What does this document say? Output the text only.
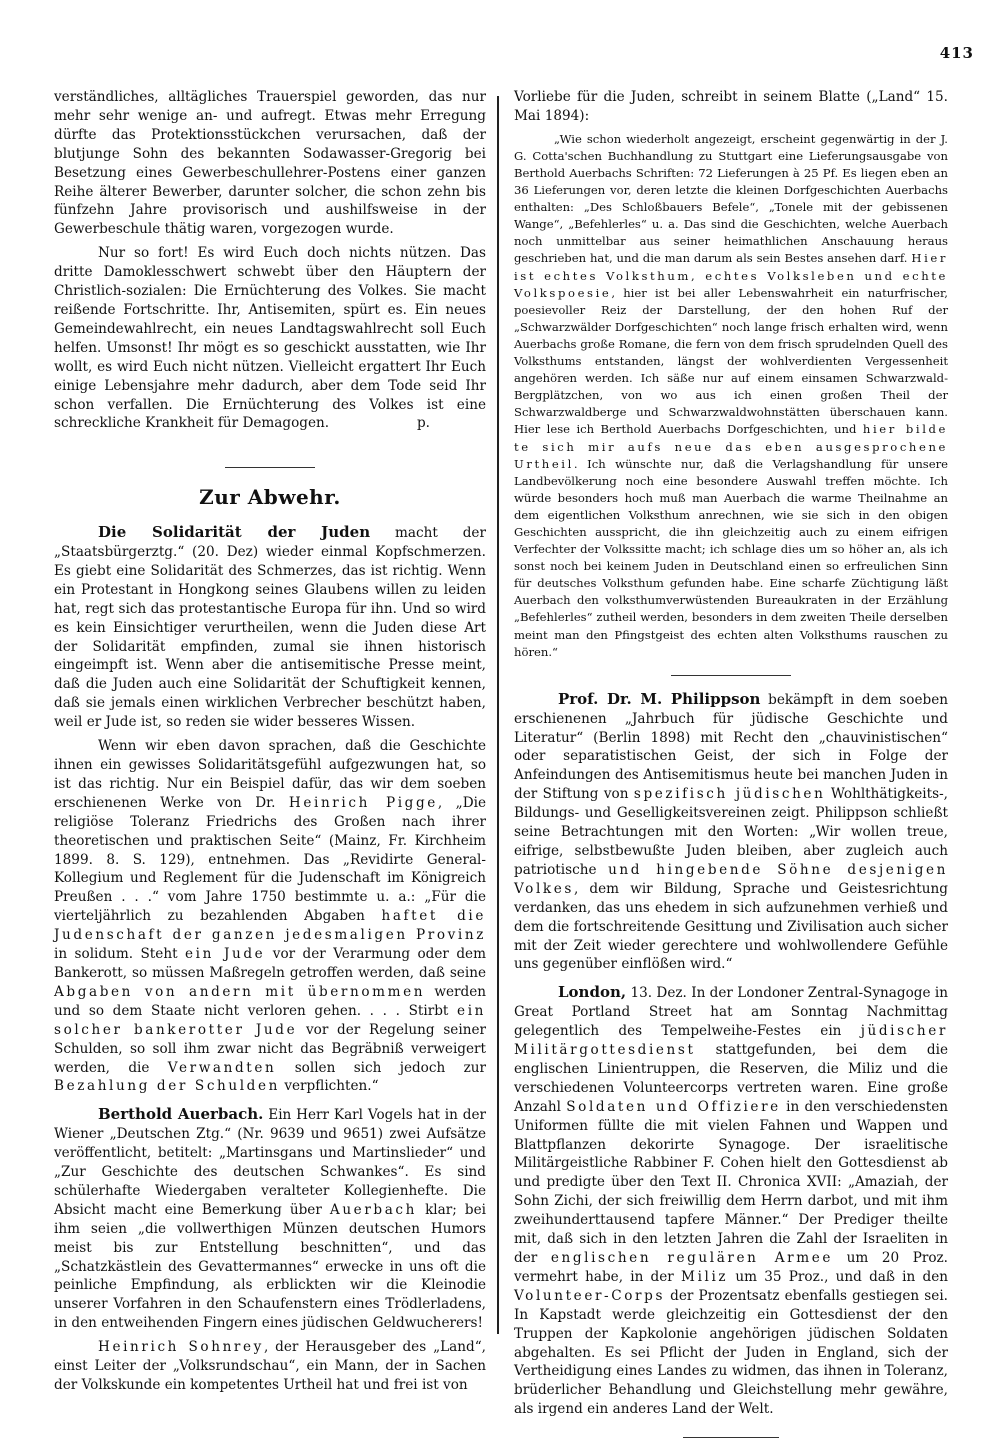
413

verständliches, alltägliches Trauerspiel geworden, das nur mehr sehr wenige an- und aufregt. Etwas mehr Erregung dürfte das Protektionsstückchen verursachen, daß der blutjunge Sohn des bekannten Sodawasser-Gregorig bei Besetzung eines Gewerbeschullehrer-Postens einer ganzen Reihe älterer Bewerber, darunter solcher, die schon zehn bis fünfzehn Jahre provisorisch und aushilfsweise in der Gewerbeschule thätig waren, vorgezogen wurde.

Nur so fort! Es wird Euch doch nichts nützen. Das dritte Damoklesschwert schwebt über den Häuptern der Christlich-sozialen: Die Ernüchterung des Volkes. Sie macht reißende Fortschritte. Ihr, Antisemiten, spürt es. Ein neues Gemeindewahlrecht, ein neues Landtagswahlrecht soll Euch helfen. Umsonst! Ihr mögt es so geschickt ausstatten, wie Ihr wollt, es wird Euch nicht nützen. Vielleicht ergattert Ihr Euch einige Lebensjahre mehr dadurch, aber dem Tode seid Ihr schon verfallen. Die Ernüchterung des Volkes ist eine schreckliche Krankheit für Demagogen.	p.
Zur Abwehr.

Die Solidarität der Juden macht der „Staatsbürgerztg.“ (20. Dez) wieder einmal Kopfschmerzen. Es giebt eine Solidarität des Schmerzes, das ist richtig. Wenn ein Protestant in Hongkong seines Glaubens willen zu leiden hat, regt sich das protestantische Europa für ihn. Und so wird es kein Einsichtiger verurtheilen, wenn die Juden diese Art der Solidarität empfinden, zumal sie ihnen historisch eingeimpft ist. Wenn aber die antisemitische Presse meint, daß die Juden auch eine Solidarität der Schuftigkeit kennen, daß sie jemals einen wirklichen Verbrecher beschützt haben, weil er Jude ist, so reden sie wider besseres Wissen.

Wenn wir eben davon sprachen, daß die Geschichte ihnen ein gewisses Solidaritätsgefühl aufgezwungen hat, so ist das richtig. Nur ein Beispiel dafür, das wir dem soeben erschienenen Werke von Dr. Heinrich Pigge, „Die religiöse Toleranz Friedrichs des Großen nach ihrer theoretischen und praktischen Seite“ (Mainz, Fr. Kirchheim 1899. 8. S. 129), entnehmen. Das „Revidirte General-Kollegium und Reglement für die Judenschaft im Königreich Preußen . . .“ vom Jahre 1750 bestimmte u. a.: „Für die vierteljährlich zu bezahlenden Abgaben haftet die Judenschaft der ganzen jedesmaligen Provinz in solidum. Steht ein Jude vor der Verarmung oder dem Bankerott, so müssen Maßregeln getroffen werden, daß seine Abgaben von andern mit übernommen werden und so dem Staate nicht verloren gehen. . . . Stirbt ein solcher bankerotter Jude vor der Regelung seiner Schulden, so soll ihm zwar nicht das Begräbniß verweigert werden, die Verwandten sollen sich jedoch zur Bezahlung der Schulden verpflichten.“

Berthold Auerbach. Ein Herr Karl Vogels hat in der Wiener „Deutschen Ztg.“ (Nr. 9639 und 9651) zwei Aufsätze veröffentlicht, betitelt: „Martinsgans und Martinslieder“ und „Zur Geschichte des deutschen Schwankes“. Es sind schülerhafte Wiedergaben veralteter Kollegienhefte. Die Absicht macht eine Bemerkung über Auerbach klar; bei ihm seien „die vollwerthigen Münzen deutschen Humors meist bis zur Entstellung beschnitten“, und das „Schatzkästlein des Gevattermannes“ erwecke in uns oft die peinliche Empfindung, als erblickten wir die Kleinodie unserer Vorfahren in den Schaufenstern eines Trödlerladens, in den entweihenden Fingern eines jüdischen Geldwucherers!

Heinrich Sohnrey, der Herausgeber des „Land“, einst Leiter der „Volksrundschau“, ein Mann, der in Sachen der Volkskunde ein kompetentes Urtheil hat und frei ist von

Vorliebe für die Juden, schreibt in seinem Blatte („Land“ 15. Mai 1894):

„Wie schon wiederholt angezeigt, erscheint gegenwärtig in der J. G. Cotta'schen Buchhandlung zu Stuttgart eine Lieferungsausgabe von Berthold Auerbachs Schriften: 72 Lieferungen à 25 Pf. Es liegen eben an 36 Lieferungen vor, deren letzte die kleinen Dorfgeschichten Auerbachs enthalten: „Des Schloßbauers Befele“, „Tonele mit der gebissenen Wange“, „Befehlerles“ u. a. Das sind die Geschichten, welche Auerbach noch unmittelbar aus seiner heimathlichen Anschauung heraus geschrieben hat, und die man darum als sein Bestes ansehen darf. Hier ist echtes Volksthum, echtes Volksleben und echte Volkspoesie, hier ist bei aller Lebenswahrheit ein naturfrischer, poesievoller Reiz der Darstellung, der den hohen Ruf der „Schwarzwälder Dorfgeschichten“ noch lange frisch erhalten wird, wenn Auerbachs große Romane, die fern von dem frisch sprudelnden Quell des Volksthums entstanden, längst der wohlverdienten Vergessenheit angehören werden. Ich säße nur auf einem einsamen Schwarzwald-Bergplätzchen, von wo aus ich einen großen Theil der Schwarzwaldberge und Schwarzwaldwohnstätten überschauen kann. Hier lese ich Berthold Auerbachs Dorfgeschichten, und hier bilde te sich mir aufs neue das eben ausgesprochene Urtheil. Ich wünschte nur, daß die Verlagshandlung für unsere Landbevölkerung noch eine besondere Auswahl treffen möchte. Ich würde besonders hoch muß man Auerbach die warme Theilnahme an dem eigentlichen Volksthum anrechnen, wie sie sich in den obigen Geschichten ausspricht, die ihn gleichzeitig auch zu einem eifrigen Verfechter der Volkssitte macht; ich schlage dies um so höher an, als ich sonst noch bei keinem Juden in Deutschland einen so erfreulichen Sinn für deutsches Volksthum gefunden habe. Eine scharfe Züchtigung läßt Auerbach den volksthumverwüstenden Bureaukraten in der Erzählung „Befehlerles“ zutheil werden, besonders in dem zweiten Theile derselben meint man den Pfingstgeist des echten alten Volksthums rauschen zu hören.“

Prof. Dr. M. Philippson bekämpft in dem soeben erschienenen „Jahrbuch für jüdische Geschichte und Literatur“ (Berlin 1898) mit Recht den „chauvinistischen“ oder separatistischen Geist, der sich in Folge der Anfeindungen des Antisemitismus heute bei manchen Juden in der Stiftung von spezifisch jüdischen Wohlthätigkeits-, Bildungs- und Geselligkeitsvereinen zeigt. Philippson schließt seine Betrachtungen mit den Worten: „Wir wollen treue, eifrige, selbstbewußte Juden bleiben, aber zugleich auch patriotische und hingebende Söhne desjenigen Volkes, dem wir Bildung, Sprache und Geistesrichtung verdanken, das uns ehedem in sich aufzunehmen verhieß und dem die fortschreitende Gesittung und Zivilisation auch sicher mit der Zeit wieder gerechtere und wohlwollendere Gefühle uns gegenüber einflößen wird.“

London, 13. Dez. In der Londoner Zentral-Synagoge in Great Portland Street hat am Sonntag Nachmittag gelegentlich des Tempelweihe-Festes ein jüdischer Militärgottesdienst stattgefunden, bei dem die englischen Linientruppen, die Reserven, die Miliz und die verschiedenen Volunteercorps vertreten waren. Eine große Anzahl Soldaten und Offiziere in den verschiedensten Uniformen füllte die mit vielen Fahnen und Wappen und Blattpflanzen dekorirte Synagoge. Der israelitische Militärgeistliche Rabbiner F. Cohen hielt den Gottesdienst ab und predigte über den Text II. Chronica XVII: „Amaziah, der Sohn Zichi, der sich freiwillig dem Herrn darbot, und mit ihm zweihunderttausend tapfere Männer.“ Der Prediger theilte mit, daß sich in den letzten Jahren die Zahl der Israeliten in der englischen regulären Armee um 20 Proz. vermehrt habe, in der Miliz um 35 Proz., und daß in den Volunteer-Corps der Prozentsatz ebenfalls gestiegen sei. In Kapstadt werde gleichzeitig ein Gottesdienst der den Truppen der Kapkolonie angehörigen jüdischen Soldaten abgehalten. Es sei Pflicht der Juden in England, sich der Vertheidigung eines Landes zu widmen, das ihnen in Toleranz, brüderlicher Behandlung und Gleichstellung mehr gewähre, als irgend ein anderes Land der Welt.
